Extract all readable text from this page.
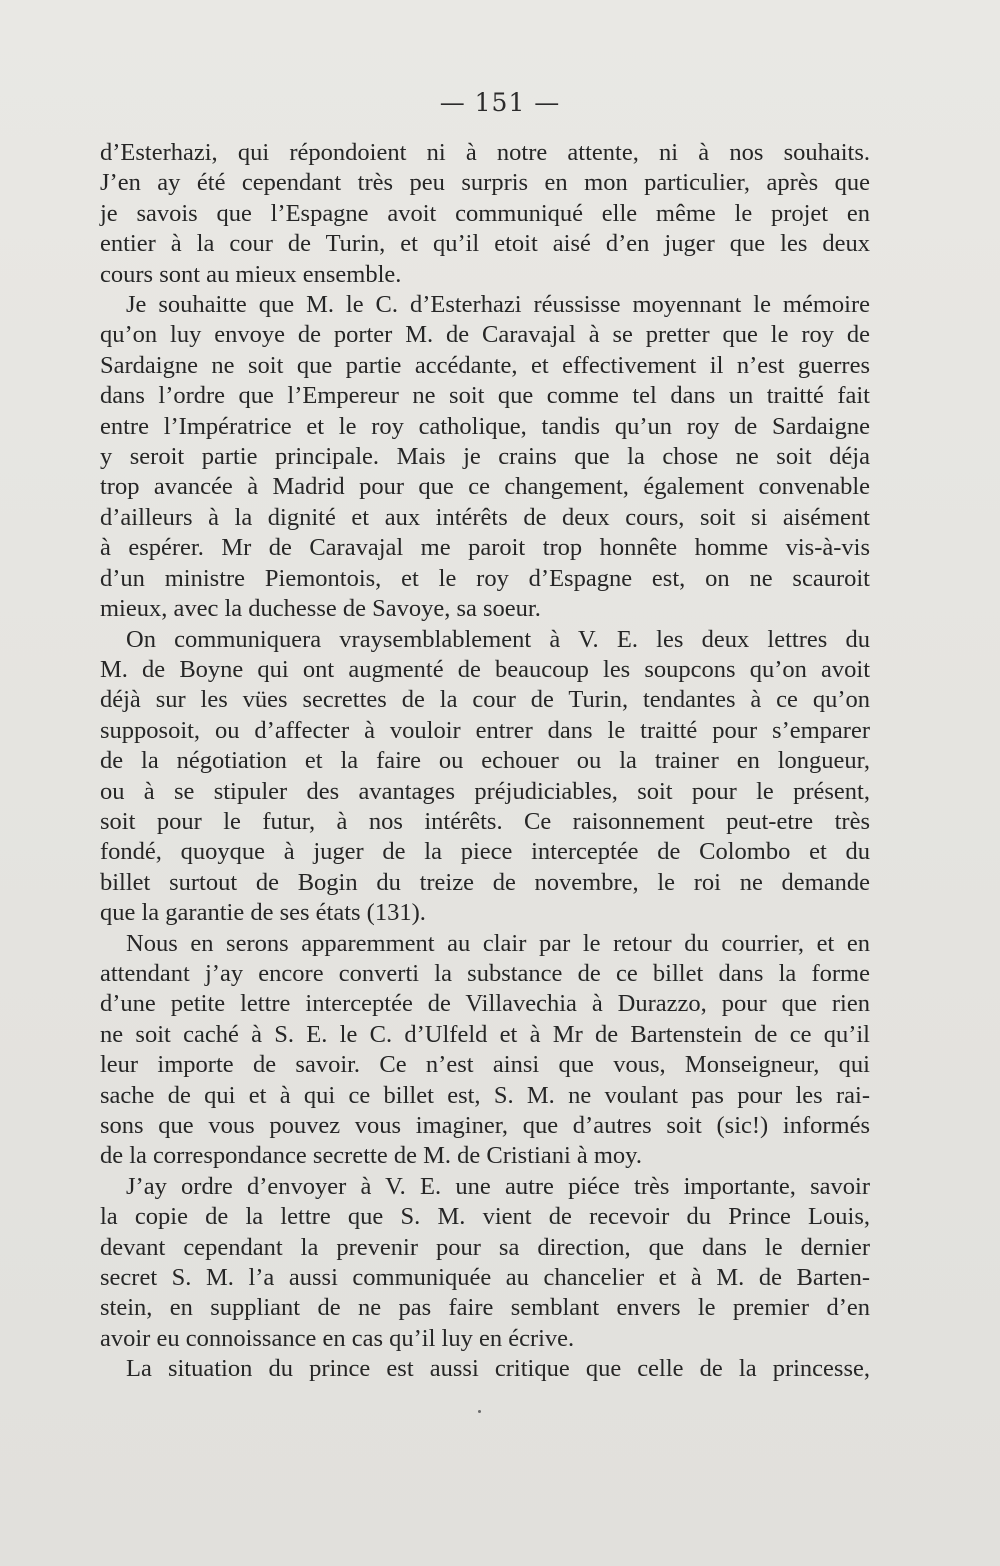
— 151 —
d’Esterhazi, qui répondoient ni à notre attente, ni à nos souhaits.
J’en ay été cependant très peu surpris en mon particulier, après que
je savois que l’Espagne avoit communiqué elle même le projet en
entier à la cour de Turin, et qu’il etoit aisé d’en juger que les deux
cours sont au mieux ensemble.
Je souhaitte que M. le C. d’Esterhazi réussisse moyennant le mémoire
qu’on luy envoye de porter M. de Caravajal à se pretter que le roy de
Sardaigne ne soit que partie accédante, et effectivement il n’est guerres
dans l’ordre que l’Empereur ne soit que comme tel dans un traitté fait
entre l’Impératrice et le roy catholique, tandis qu’un roy de Sardaigne
y seroit partie principale. Mais je crains que la chose ne soit déja
trop avancée à Madrid pour que ce changement, également convenable
d’ailleurs à la dignité et aux intérêts de deux cours, soit si aisément
à espérer. Mr de Caravajal me paroit trop honnête homme vis-à-vis
d’un ministre Piemontois, et le roy d’Espagne est, on ne scauroit
mieux, avec la duchesse de Savoye, sa soeur.
On communiquera vraysemblablement à V. E. les deux lettres du
M. de Boyne qui ont augmenté de beaucoup les soupcons qu’on avoit
déjà sur les vües secrettes de la cour de Turin, tendantes à ce qu’on
supposoit, ou d’affecter à vouloir entrer dans le traitté pour s’emparer
de la négotiation et la faire ou echouer ou la trainer en longueur,
ou à se stipuler des avantages préjudiciables, soit pour le présent,
soit pour le futur, à nos intérêts. Ce raisonnement peut-etre très
fondé, quoyque à juger de la piece interceptée de Colombo et du
billet surtout de Bogin du treize de novembre, le roi ne demande
que la garantie de ses états (131).
Nous en serons apparemment au clair par le retour du courrier, et en
attendant j’ay encore converti la substance de ce billet dans la forme
d’une petite lettre interceptée de Villavechia à Durazzo, pour que rien
ne soit caché à S. E. le C. d’Ulfeld et à Mr de Bartenstein de ce qu’il
leur importe de savoir. Ce n’est ainsi que vous, Monseigneur, qui
sache de qui et à qui ce billet est, S. M. ne voulant pas pour les rai-
sons que vous pouvez vous imaginer, que d’autres soit (sic!) informés
de la correspondance secrette de M. de Cristiani à moy.
J’ay ordre d’envoyer à V. E. une autre piéce très importante, savoir
la copie de la lettre que S. M. vient de recevoir du Prince Louis,
devant cependant la prevenir pour sa direction, que dans le dernier
secret S. M. l’a aussi communiquée au chancelier et à M. de Barten-
stein, en suppliant de ne pas faire semblant envers le premier d’en
avoir eu connoissance en cas qu’il luy en écrive.
La situation du prince est aussi critique que celle de la princesse,
